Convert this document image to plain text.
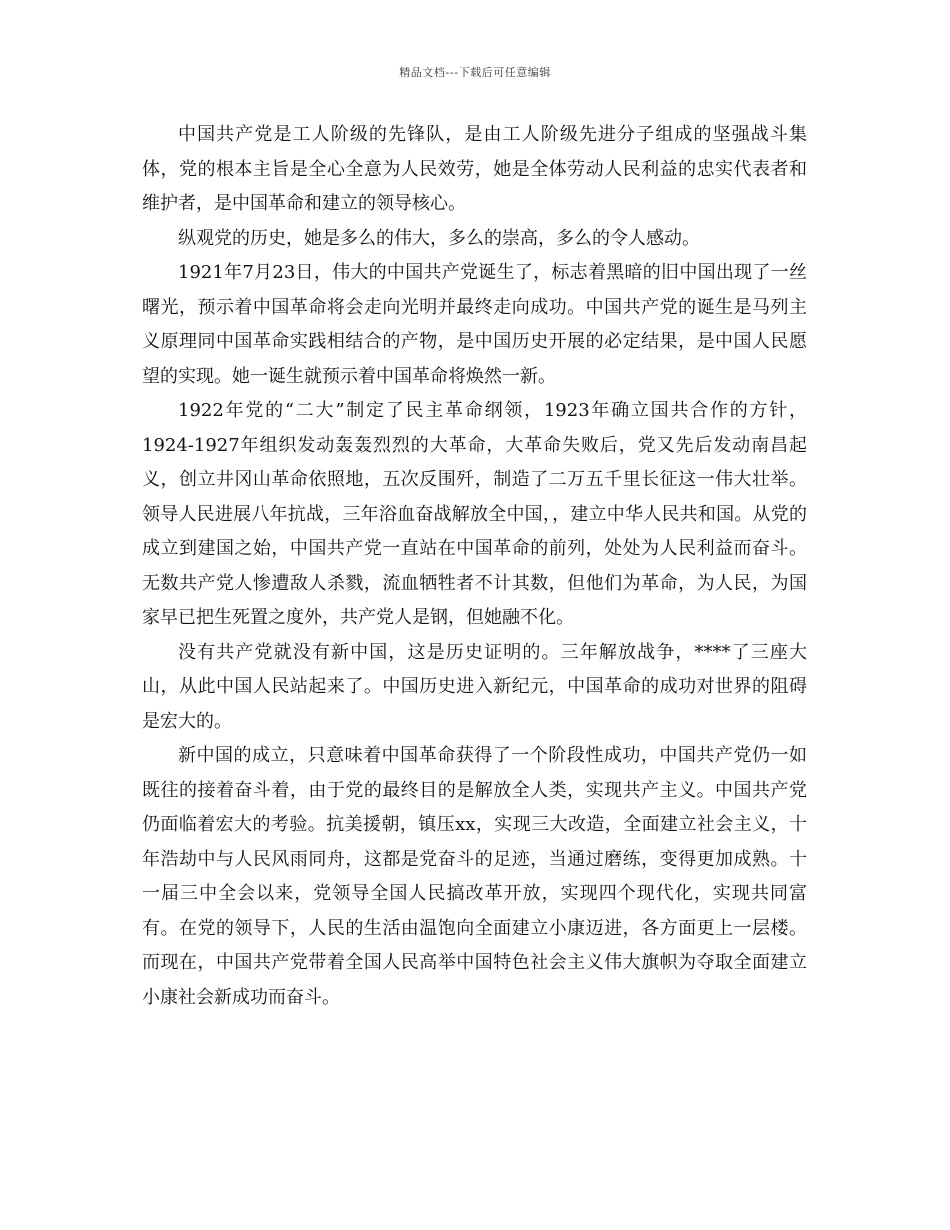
精品文档---下载后可任意编辑

中国共产党是工人阶级的先锋队，是由工人阶级先进分子组成的坚强战斗集体，党的根本主旨是全心全意为人民效劳，她是全体劳动人民利益的忠实代表者和维护者，是中国革命和建立的领导核心。

纵观党的历史，她是多么的伟大，多么的崇高，多么的令人感动。

1921年7月23日，伟大的中国共产党诞生了，标志着黑暗的旧中国出现了一丝曙光，预示着中国革命将会走向光明并最终走向成功。中国共产党的诞生是马列主义原理同中国革命实践相结合的产物，是中国历史开展的必定结果，是中国人民愿望的实现。她一诞生就预示着中国革命将焕然一新。

1922年党的“二大”制定了民主革命纲领，1923年确立国共合作的方针，1924-1927年组织发动轰轰烈烈的大革命，大革命失败后，党又先后发动南昌起义，创立井冈山革命依照地，五次反围歼，制造了二万五千里长征这一伟大壮举。领导人民进展八年抗战，三年浴血奋战解放全中国，，建立中华人民共和国。从党的成立到建国之始，中国共产党一直站在中国革命的前列，处处为人民利益而奋斗。无数共产党人惨遭敌人杀戮，流血牺牲者不计其数，但他们为革命，为人民，为国家早已把生死置之度外，共产党人是钢，但她融不化。

没有共产党就没有新中国，这是历史证明的。三年解放战争，****了三座大山，从此中国人民站起来了。中国历史进入新纪元，中国革命的成功对世界的阻碍是宏大的。

新中国的成立，只意味着中国革命获得了一个阶段性成功，中国共产党仍一如既往的接着奋斗着，由于党的最终目的是解放全人类，实现共产主义。中国共产党仍面临着宏大的考验。抗美援朝，镇压xx，实现三大改造，全面建立社会主义，十年浩劫中与人民风雨同舟，这都是党奋斗的足迹，当通过磨练，变得更加成熟。十一届三中全会以来，党领导全国人民搞改革开放，实现四个现代化，实现共同富有。在党的领导下，人民的生活由温饱向全面建立小康迈进，各方面更上一层楼。而现在，中国共产党带着全国人民高举中国特色社会主义伟大旗帜为夺取全面建立小康社会新成功而奋斗。
